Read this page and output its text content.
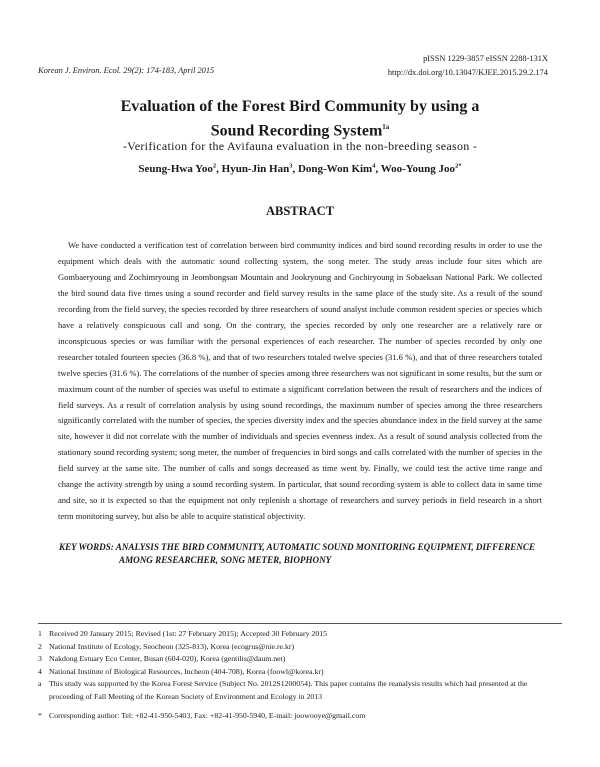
pISSN 1229-3857 eISSN 2288-131X
http://dx.doi.org/10.13047/KJEE.2015.29.2.174
Korean J. Environ. Ecol. 29(2): 174-183, April 2015
Evaluation of the Forest Bird Community by using a
Sound Recording System$^{1a}$
-Verification for the Avifauna evaluation in the non-breeding season -
Seung-Hwa Yoo$^2$, Hyun-Jin Han$^3$, Dong-Won Kim$^4$, Woo-Young Joo$^{2*}$
ABSTRACT

We have conducted a verification test of correlation between bird community indices and bird sound recording results in order to use the equipment which deals with the automatic sound collecting system, the song meter. The study areas include four sites which are Gombaeryoung and Zochimryoung in Jeombongsan Mountain and Jookryoung and Gochiryoung in Sobaeksan National Park. We collected the bird sound data five times using a sound recorder and field survey results in the same place of the study site. As a result of the sound recording from the field survey, the species recorded by three researchers of sound analyst include common resident species or species which have a relatively conspicuous call and song. On the contrary, the species recorded by only one researcher are a relatively rare or inconspicuous species or was familiar with the personal experiences of each researcher. The number of species recorded by only one researcher totaled fourteen species (36.8 %), and that of two researchers totaled twelve species (31.6 %), and that of three researchers totaled twelve species (31.6 %). The correlations of the number of species among three researchers was not significant in some results, but the sum or maximum count of the number of species was useful to estimate a significant correlation between the result of researchers and the indices of field surveys. As a result of correlation analysis by using sound recordings, the maximum number of species among the three researchers significantly correlated with the number of species, the species diversity index and the species abundance index in the field survey at the same site, however it did not correlate with the number of individuals and species evenness index. As a result of sound analysis collected from the stationary sound recording system; song meter, the number of frequencies in bird songs and calls correlated with the number of species in the field survey at the same site. The number of calls and songs decreased as time went by. Finally, we could test the active time range and change the activity strength by using a sound recording system. In particular, that sound recording system is able to collect data in same time and site, so it is expected so that the equipment not only replenish a shortage of researchers and survey periods in field research in a short term monitoring survey, but also be able to acquire statistical objectivity.

KEY WORDS: ANALYSIS THE BIRD COMMUNITY, AUTOMATIC SOUND MONITORING EQUIPMENT, DIFFERENCE AMONG RESEARCHER, SONG METER, BIOPHONY
1 Received 20 January 2015; Revised (1st: 27 February 2015); Accepted 30 February 2015
2 National Institute of Ecology, Seocheon (325-813), Korea (ecogrus@nie.re.kr)
3 Nakdong Estuary Eco Center, Busan (604-020), Korea (gentilis@daum.net)
4 National Institute of Biological Resources, Incheon (404-708), Korea (foowl@korea.kr)
a This study was supported by the Korea Forest Service (Subject No. 2012S1200054). This paper contains the reanalysis results which had presented at the proceeding of Fall Meeting of the Korean Society of Environment and Ecology in 2013
* Corresponding author: Tel: +82-41-950-5403, Fax: +82-41-950-5940, E-mail: joowooye@gmail.com
